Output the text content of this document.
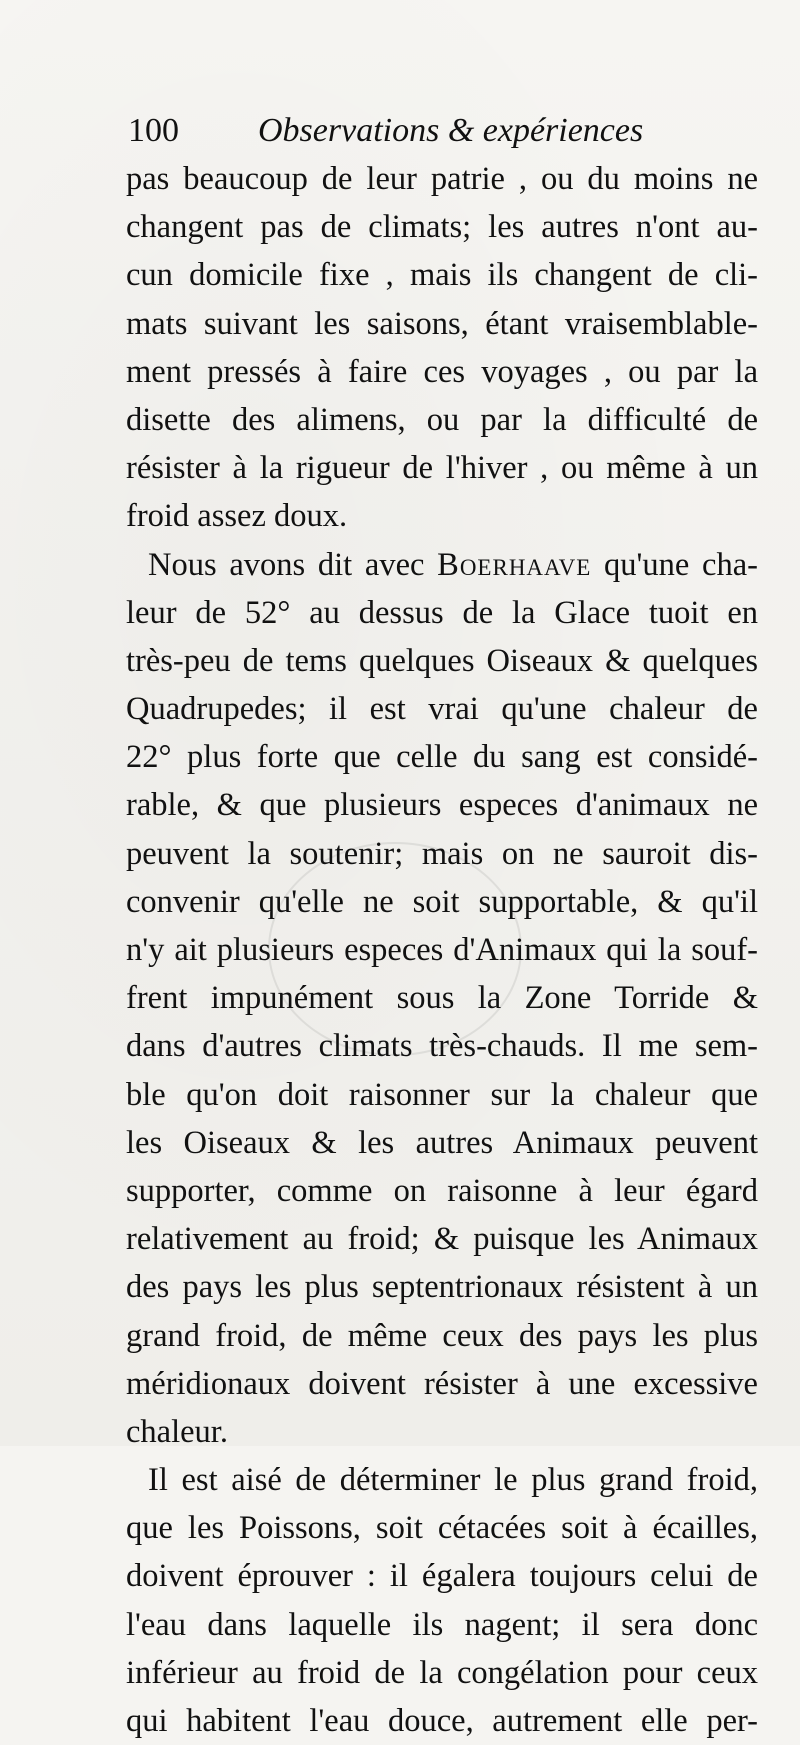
100 Observations & expériences
pas beaucoup de leur patrie , ou du moins ne
changent pas de climats; les autres n'ont au-
cun domicile fixe , mais ils changent de cli-
mats suivant les saisons, étant vraisemblable-
ment pressés à faire ces voyages , ou par la
disette des alimens, ou par la difficulté de
résister à la rigueur de l'hiver , ou même à un
froid assez doux.
Nous avons dit avec Boerhaave qu'une cha-
leur de 52° au dessus de la Glace tuoit en
très-peu de tems quelques Oiseaux & quelques
Quadrupedes; il est vrai qu'une chaleur de
22° plus forte que celle du sang est considé-
rable, & que plusieurs especes d'animaux ne
peuvent la soutenir; mais on ne sauroit dis-
convenir qu'elle ne soit supportable, & qu'il
n'y ait plusieurs especes d'Animaux qui la souf-
frent impunément sous la Zone Torride &
dans d'autres climats très-chauds. Il me sem-
ble qu'on doit raisonner sur la chaleur que
les Oiseaux & les autres Animaux peuvent
supporter, comme on raisonne à leur égard
relativement au froid; & puisque les Animaux
des pays les plus septentrionaux résistent à un
grand froid, de même ceux des pays les plus
méridionaux doivent résister à une excessive
chaleur.
Il est aisé de déterminer le plus grand froid,
que les Poissons, soit cétacées soit à écailles,
doivent éprouver : il égalera toujours celui de
l'eau dans laquelle ils nagent; il sera donc
inférieur au froid de la congélation pour ceux
qui habitent l'eau douce, autrement elle per-
